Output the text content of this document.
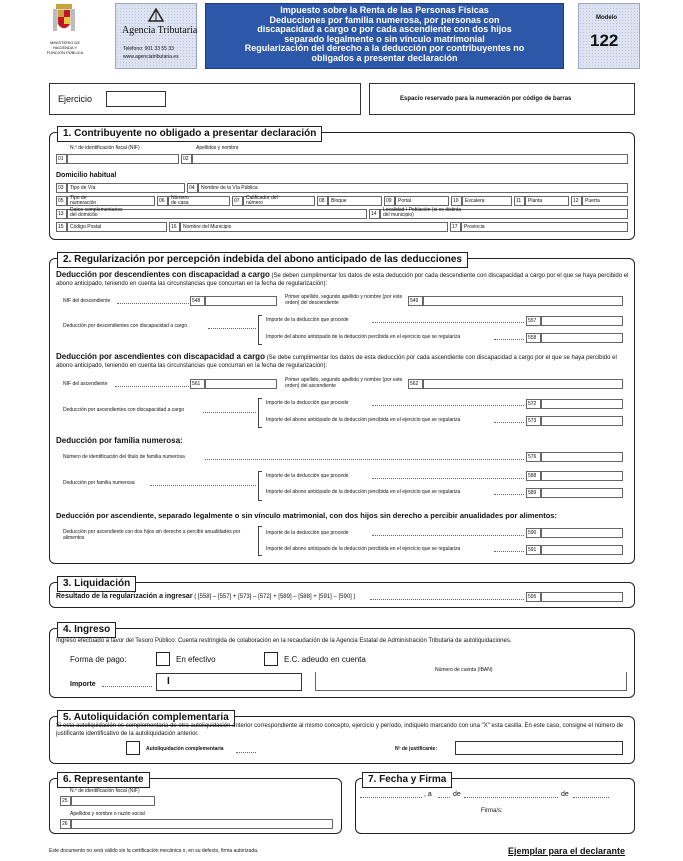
MINISTERIO DE HACIENDA Y FUNCIÓN PÚBLICA
Agencia Tributaria
Teléfono: 901 33 55 33
www.agenciatributaria.es
Impuesto sobre la Renta de las Personas Físicas
Deducciones por familia numerosa, por personas con
discapacidad a cargo o por cada ascendiente con dos hijos
separado legalmente o sin vínculo matrimonial
Regularización del derecho a la deducción por contribuyentes no
obligados a presentar declaración
Modelo
122
Ejercicio	Espacio reservado para la numeración por código de barras
1. Contribuyente no obligado a presentar declaración
N.º de identificación fiscal (NIF)	Apellidos y nombre
01	02
Domicilio habitual
03	Tipo de Vía	04	Nombre de la Vía Pública
05	Tipo de numeración	06	Número de casa	07	Calificador del número	08	Bloque	09	Portal	10	Escalera	11	Planta	12	Puerta
13
Datos complementarios del domicilio	14
Localidad / Población (si es distinta del municipio)
15	Código Postal	16	Nombre del Municipio	17	Provincia
2. Regularización por percepción indebida del abono anticipado de las deducciones
Deducción por descendientes con discapacidad a cargo (Se deben cumplimentar los datos de esta deducción por cada descendiente con discapacidad a cargo por el que se haya percibido el abono anticipado, teniendo en cuenta las circunstancias que concurran en la fecha de regularización):
NIF del descendiente	548
Primer apellido, segundo apellido y nombre (por este orden) del descendiente	549
Deducción por descendientes con discapacidad a cargo
Importe de la deducción que procede	557
Importe del abono anticipado de la deducción percibida en el ejercicio que se regulariza	558
Deducción por ascendientes con discapacidad a cargo (Se debe cumplimentar los datos de esta deducción por cada ascendiente con discapacidad a cargo por el que se haya percibido el abono anticipado, teniendo en cuenta las circunstancias que concurran en la fecha de regularización):
NIF del ascendiente	561
Primer apellido, segundo apellido y nombre (por este orden) del ascendiente	562
Deducción por ascendientes con discapacidad a cargo
Importe de la deducción que procede	572
Importe del abono anticipado de la deducción percibida en el ejercicio que se regulariza	573
Deducción por familia numerosa:
Número de identificación del título de familia numerosa	576
Deducción por familia numerosa
Importe de la deducción que procede	588
Importe del abono anticipado de la deducción percibida en el ejercicio que se regulariza	589
Deducción por ascendiente, separado legalmente o sin vínculo matrimonial, con dos hijos sin derecho a percibir anualidades por alimentos:
Deducción por ascendiente con dos hijos sin derecho a percibir anualidades por alimentos
Importe de la deducción que procede	590
Importe del abono anticipado de la deducción percibida en el ejercicio que se regulariza	591
3. Liquidación
Resultado de la regularización a ingresar ( [558] – [557] + [573] – [572] + [589] – [588] + [591] – [590] )	595
4. Ingreso
Ingreso efectuado a favor del Tesoro Público: Cuenta restringida de colaboración en la recaudación de la Agencia Estatal de Administración Tributaria de autoliquidaciones.
Forma de pago:	En efectivo	E.C. adeudo en cuenta
Número de cuenta (IBAN)
Importe	I
5. Autoliquidación complementaria
Si esta autoliquidación es complementaria de otra autoliquidación anterior correspondiente al mismo concepto, ejercicio y período, indíquelo marcando con una "X" esta casilla. En este caso, consigne el número de justificante identificativo de la autoliquidación anterior.
Autoliquidación complementaria	Nº de justificante:
6. Representante
N.º de identificación fiscal (NIF)
25
Apellidos y nombre o razón social
26
7. Fecha y Firma
, a	de	de
Firma/s:
Este documento no será válido sin la certificación mecánica o, en su defecto, firma autorizada.	Ejemplar para el declarante
